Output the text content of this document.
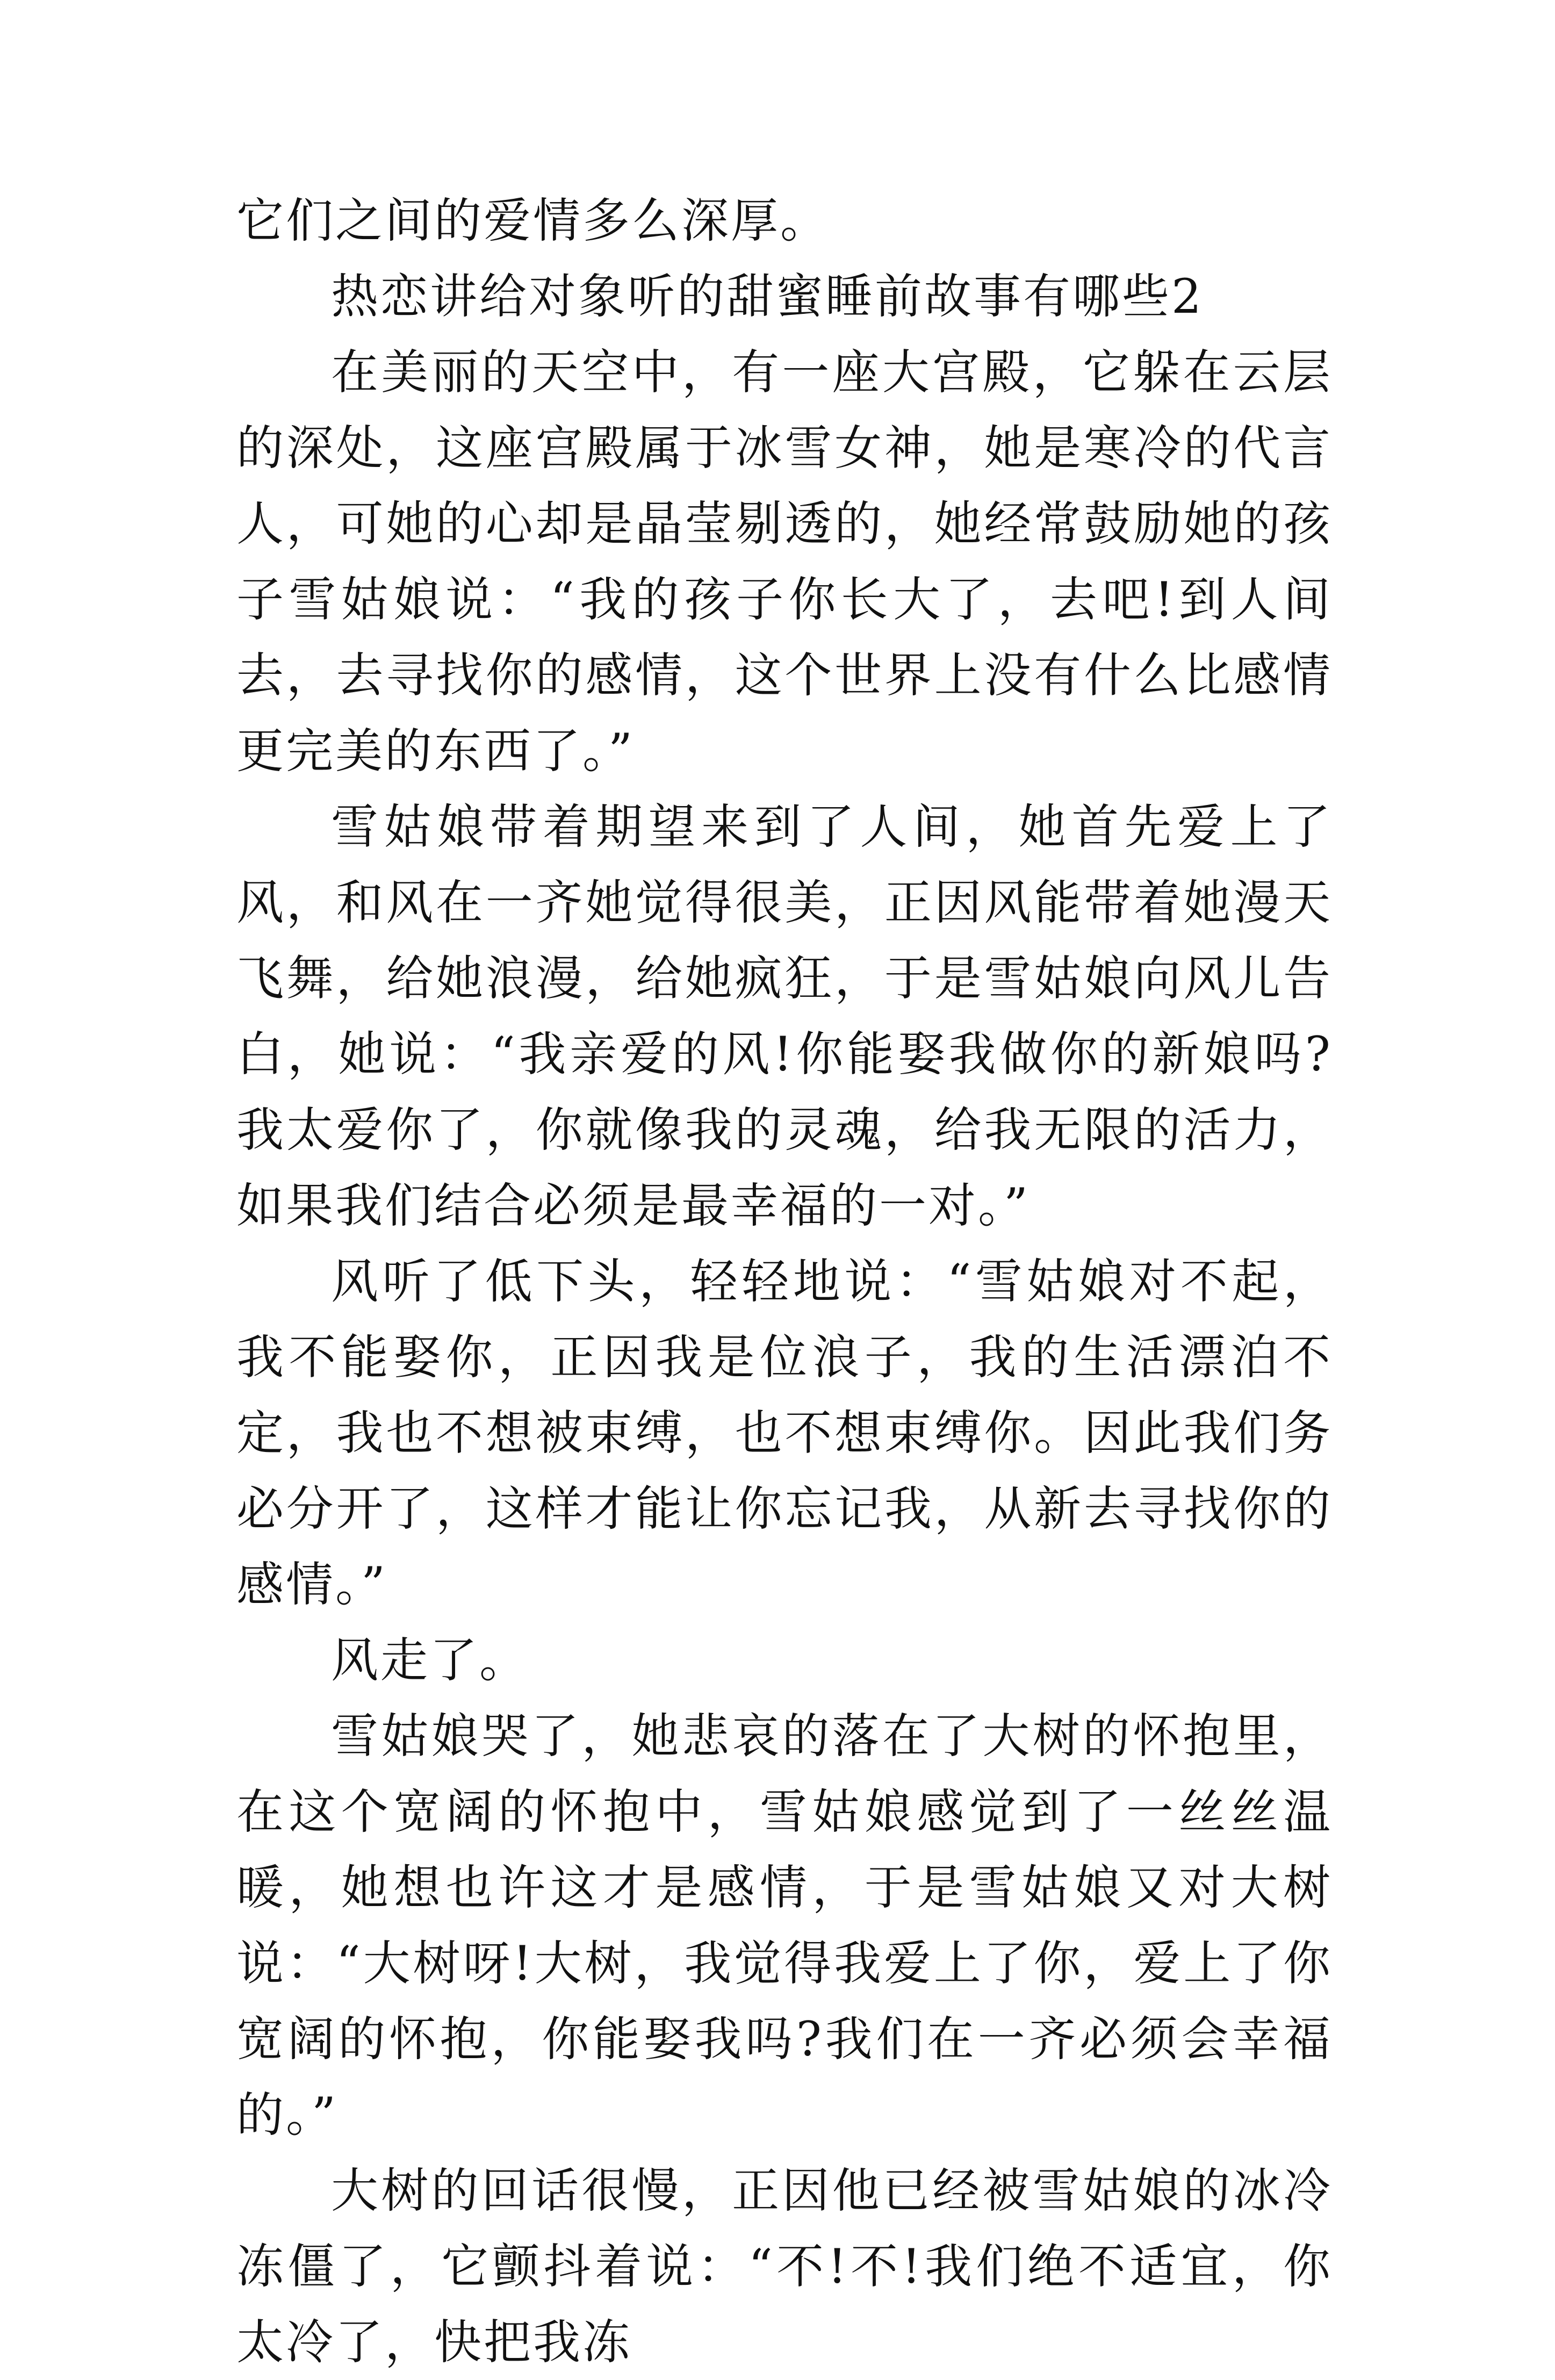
它们之间的爱情多么深厚。

热恋讲给对象听的甜蜜睡前故事有哪些2

在美丽的天空中，有一座大宫殿，它躲在云层的深处，这座宫殿属于冰雪女神，她是寒冷的代言人，可她的心却是晶莹剔透的，她经常鼓励她的孩子雪姑娘说：“我的孩子你长大了，去吧!到人间去，去寻找你的感情，这个世界上没有什么比感情更完美的东西了。”

雪姑娘带着期望来到了人间，她首先爱上了风，和风在一齐她觉得很美，正因风能带着她漫天飞舞，给她浪漫，给她疯狂，于是雪姑娘向风儿告白，她说：“我亲爱的风!你能娶我做你的新娘吗?我太爱你了，你就像我的灵魂，给我无限的活力，如果我们结合必须是最幸福的一对。”

风听了低下头，轻轻地说：“雪姑娘对不起，我不能娶你，正因我是位浪子，我的生活漂泊不定，我也不想被束缚，也不想束缚你。因此我们务必分开了，这样才能让你忘记我，从新去寻找你的感情。”

风走了。

雪姑娘哭了，她悲哀的落在了大树的怀抱里，在这个宽阔的怀抱中，雪姑娘感觉到了一丝丝温暖，她想也许这才是感情，于是雪姑娘又对大树说：“大树呀!大树，我觉得我爱上了你，爱上了你宽阔的怀抱，你能娶我吗?我们在一齐必须会幸福的。”

大树的回话很慢，正因他已经被雪姑娘的冰冷冻僵了，它颤抖着说：“不!不!我们绝不适宜，你太冷了，快把我冻
